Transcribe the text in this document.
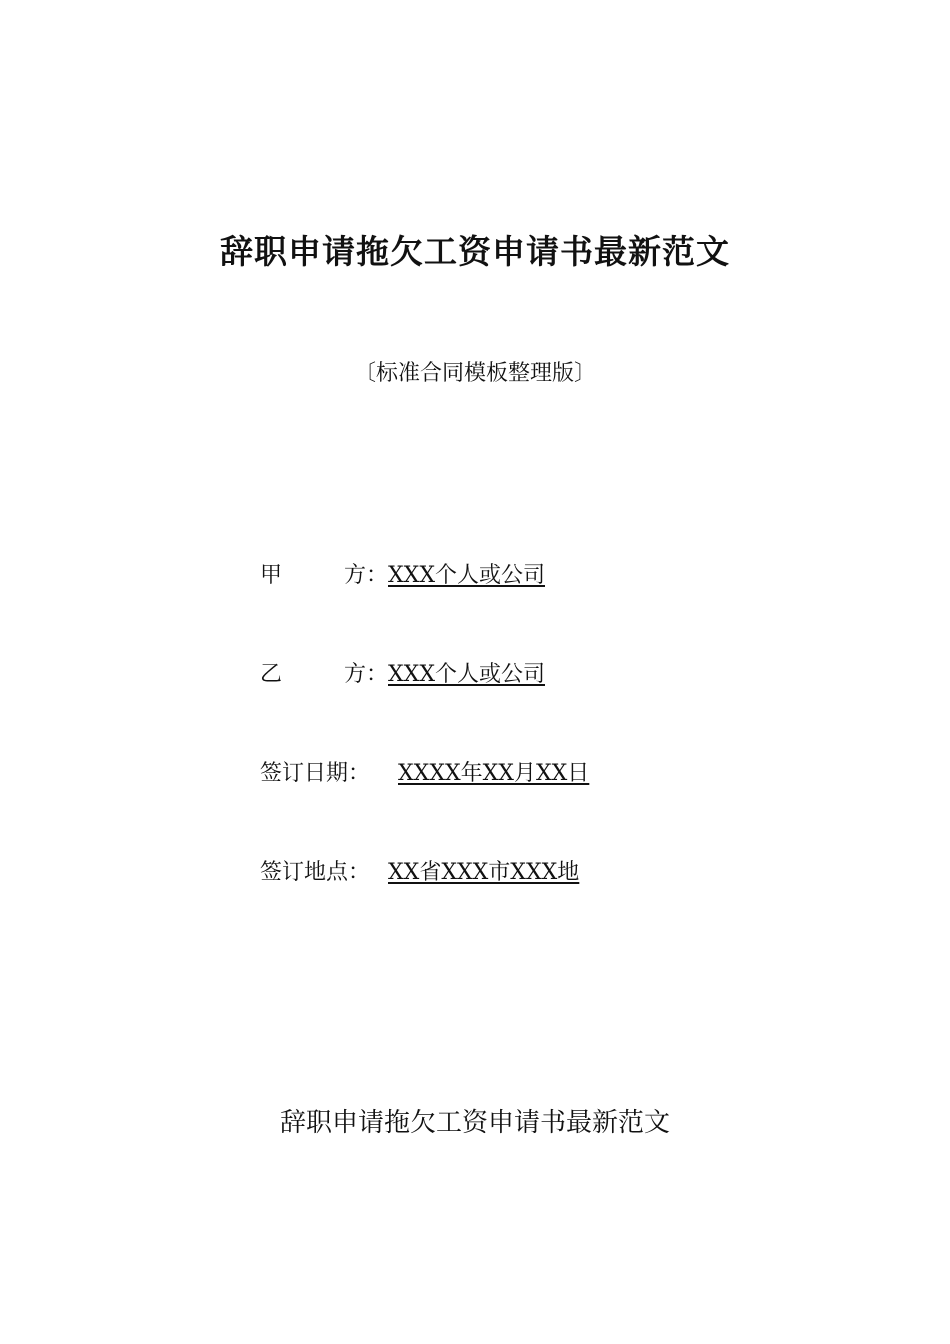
辞职申请拖欠工资申请书最新范文
〔标准合同模板整理版〕
甲	方： XXX个人或公司
乙	方： XXX个人或公司
签订日期： XXXX年XX月XX日
签订地点： XX省XXX市XXX地
辞职申请拖欠工资申请书最新范文
